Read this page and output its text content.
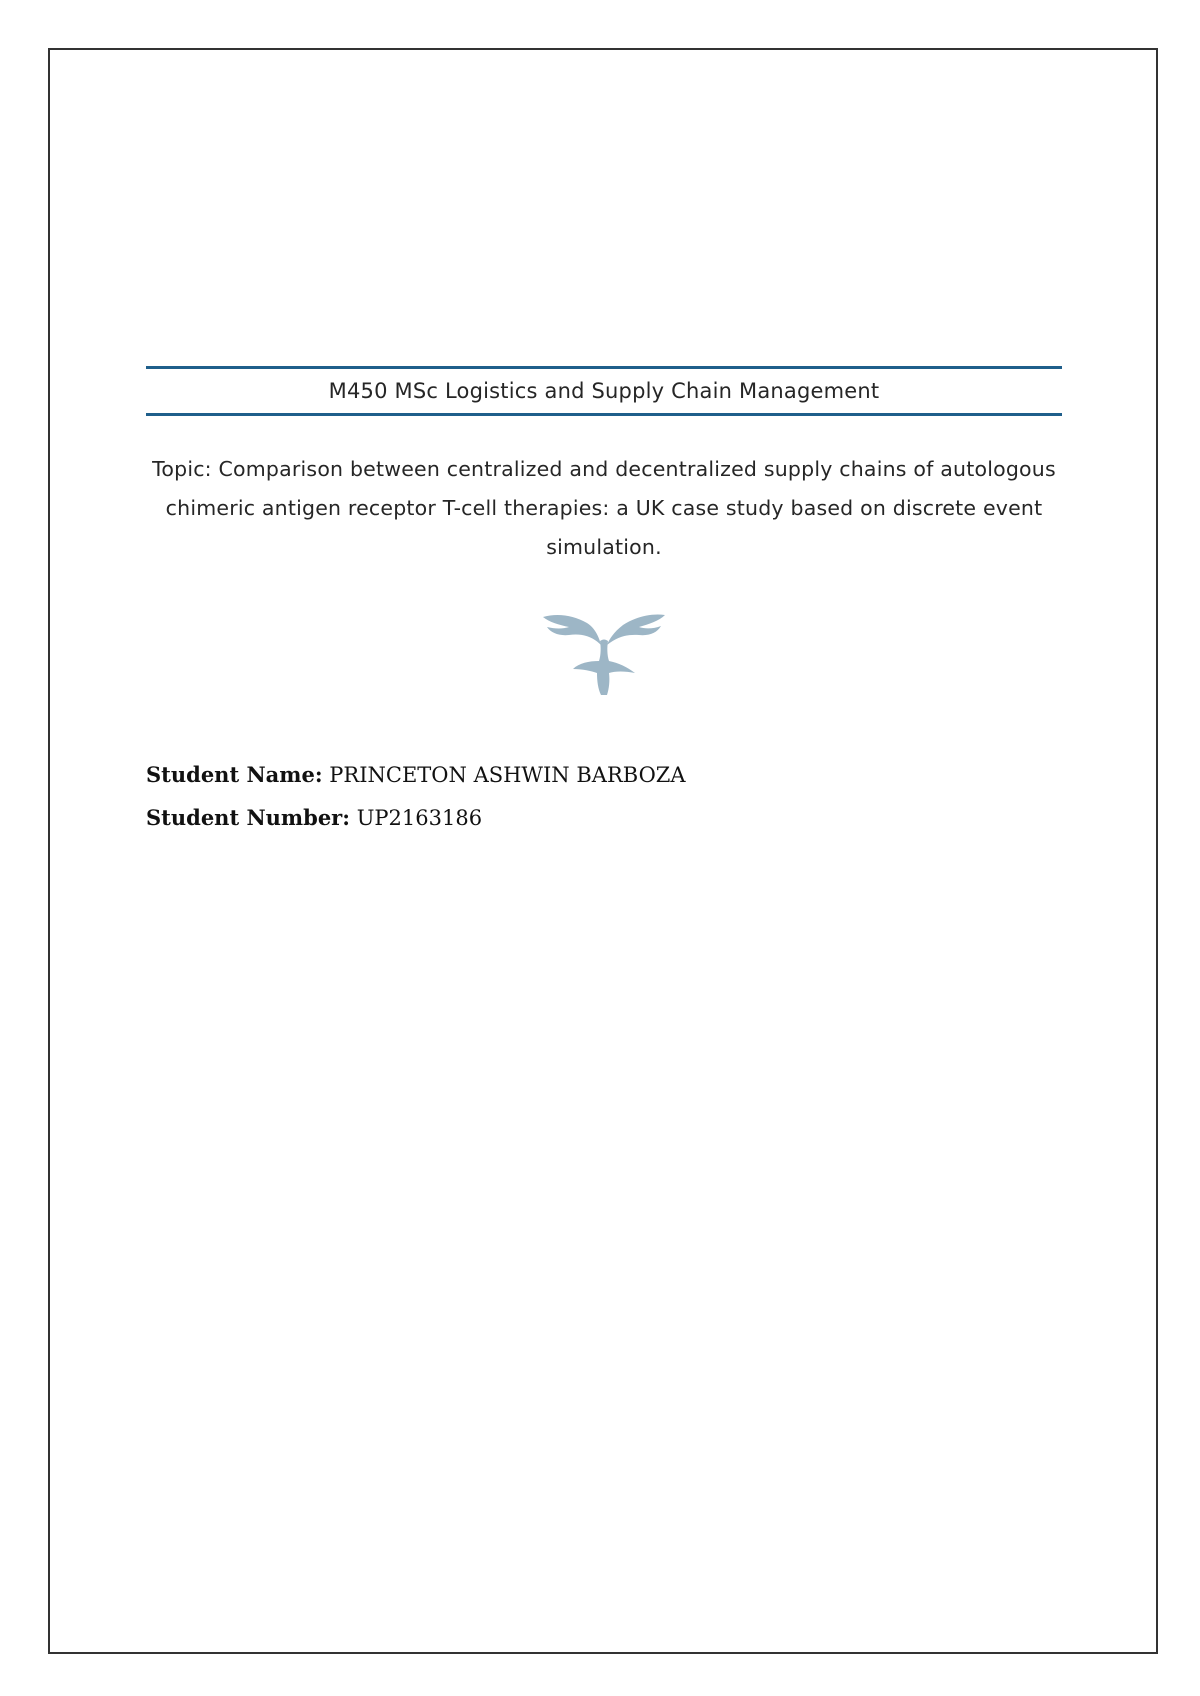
M450 MSc Logistics and Supply Chain Management
Topic: Comparison between centralized and decentralized supply chains of autologous chimeric antigen receptor T-cell therapies: a UK case study based on discrete event simulation.
Student Name: PRINCETON ASHWIN BARBOZA
Student Number: UP2163186
